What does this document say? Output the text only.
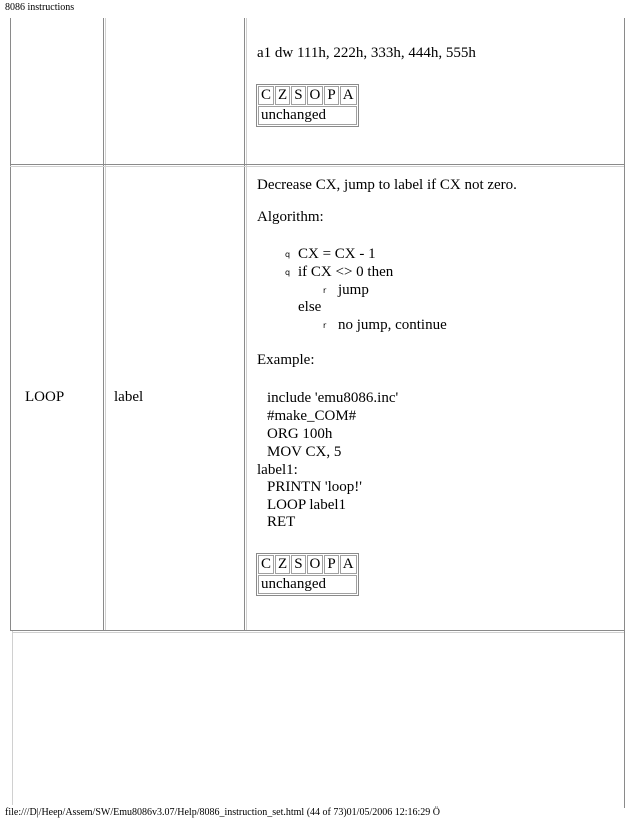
8086 instructions
a1 dw 111h, 222h, 333h, 444h, 555h
C	Z	S	O	P	A
unchanged
LOOP	label
Decrease CX, jump to label if CX not zero.
Algorithm:
q CX = CX - 1
q if CX <> 0 then
r jump
else
r no jump, continue
Example:
include 'emu8086.inc'
#make_COM#
ORG 100h
MOV CX, 5
label1:
PRINTN 'loop!'
LOOP label1
RET
C	Z	S	O	P	A
unchanged
file:///D|/Heep/Assem/SW/Emu8086v3.07/Help/8086_instruction_set.html (44 of 73)01/05/2006 12:16:29 Ö
